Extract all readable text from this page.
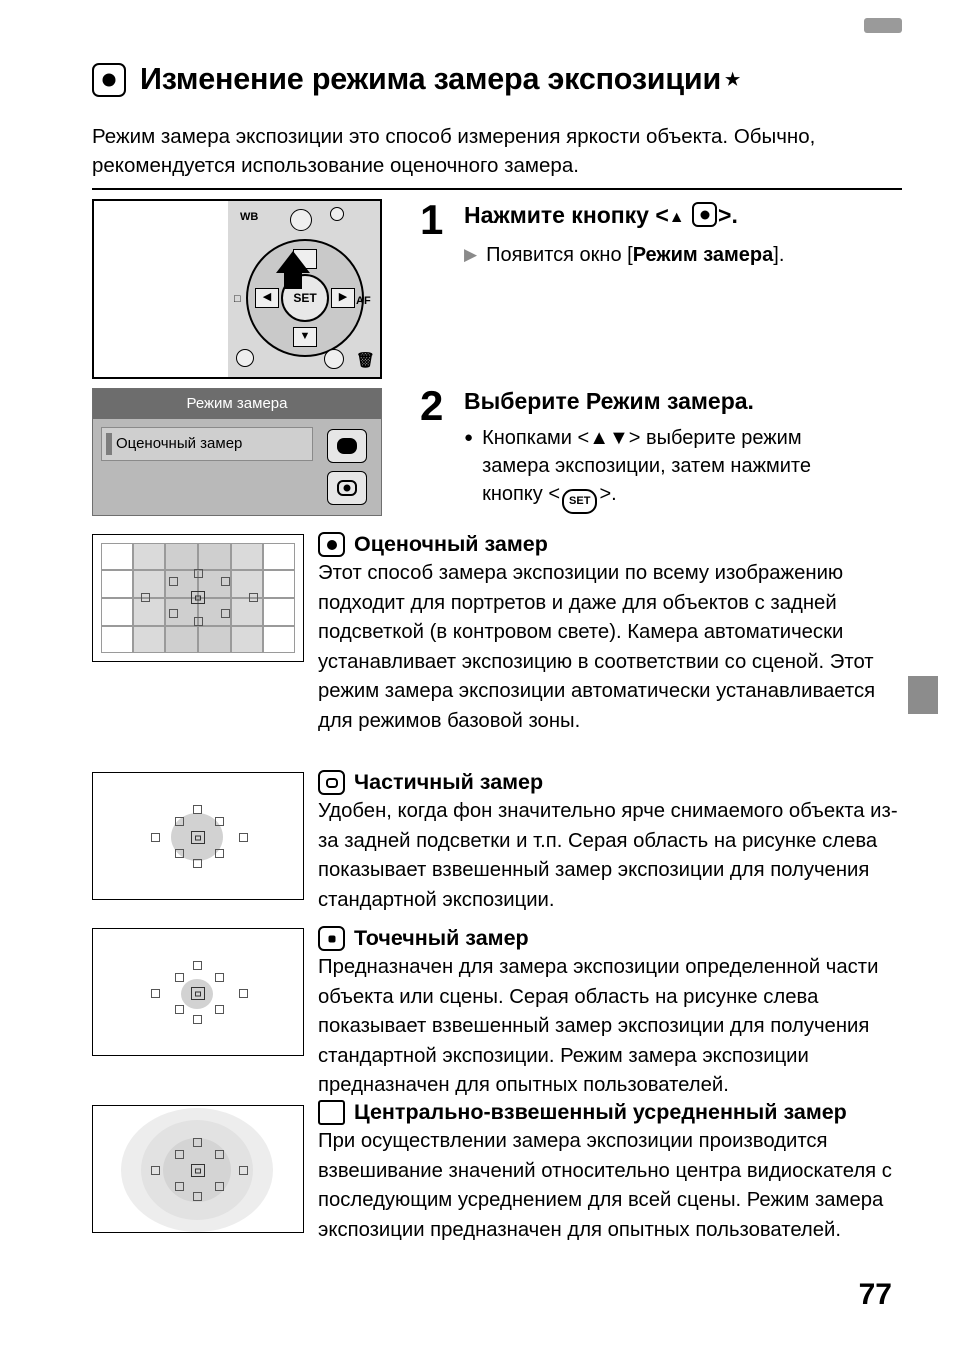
Изменение режима замера экспозиции ★
Режим замера экспозиции это способ измерения яркости объекта. Обычно, рекомендуется использование оценочного замера.
WB
▼
◀	▶
SET	AF
□
🗑
1 Нажмите кнопку <▲ >.
▶ Появится окно [Режим замера].
Режим замера
Оценочный замер
2 Выберите Режим замера.
● Кнопками <▲▼> выберите режим
замера экспозиции, затем нажмите
кнопку < SET >.
Оценочный замер

Этот способ замера экспозиции по всему изображению подходит для портретов и даже для объектов с задней подсветкой (в контровом свете). Камера автоматически устанавливает экспозицию в соответствии со сценой. Этот режим замера экспозиции автоматически устанавливается для режимов базовой зоны.

Частичный замер

Удобен, когда фон значительно ярче снимаемого объекта из-за задней подсветки и т.п. Серая область на рисунке слева показывает взвешенный замер экспозиции для получения стандартной экспозиции.

Точечный замер

Предназначен для замера экспозиции определенной части объекта или сцены. Серая область на рисунке слева показывает взвешенный замер экспозиции для получения стандартной экспозиции. Режим замера экспозиции предназначен для опытных пользователей.

Центрально-взвешенный усредненный замер

При осуществлении замера экспозиции производится взвешивание значений относительно центра видиоскателя с последующим усреднением для всей сцены. Режим замера экспозиции предназначен для опытных пользователей.

77
